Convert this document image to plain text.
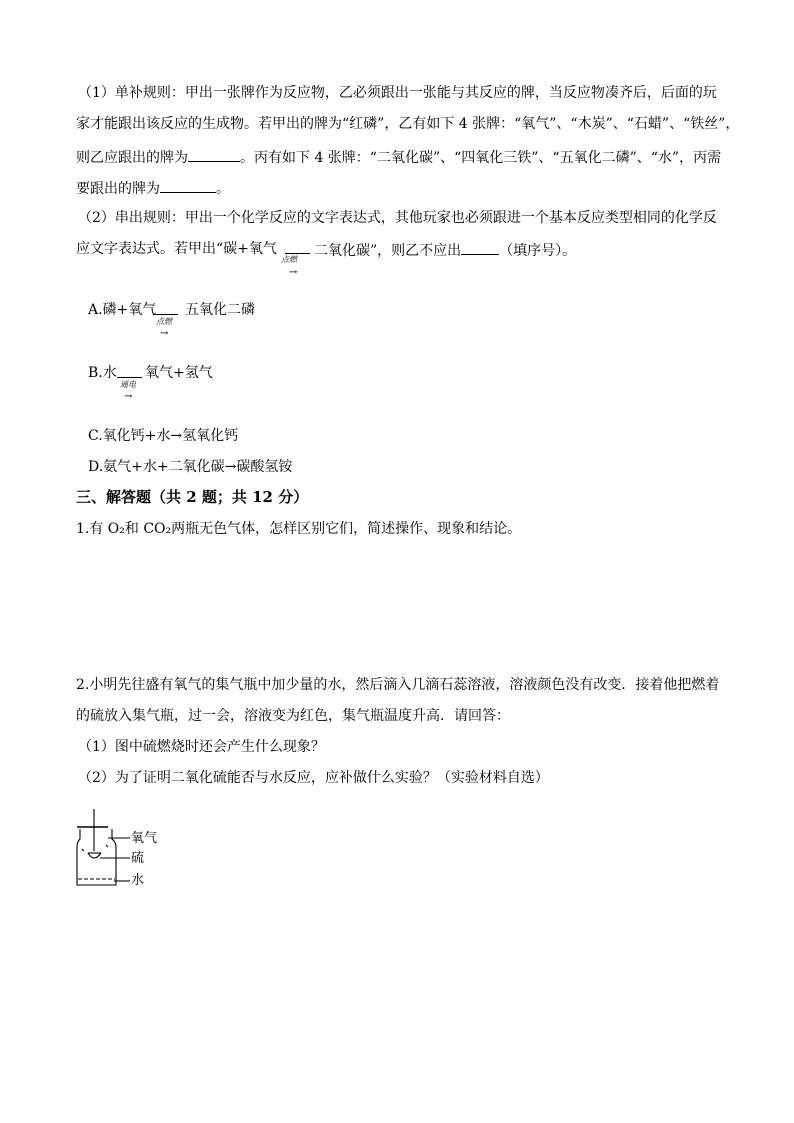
（1）单补规则：甲出一张牌作为反应物，乙必须跟出一张能与其反应的牌，当反应物凑齐后，后面的玩
家才能跟出该反应的生成物。若甲出的牌为“红磷”，乙有如下 4 张牌：“氧气”、“木炭”、“石蜡”、“铁丝”，
则乙应跟出的牌为	。丙有如下 4 张牌：“二氧化碳”、“四氧化三铁”、“五氧化二磷”、“水”，丙需
要跟出的牌为	。
（2）串出规则：甲出一个化学反应的文字表达式，其他玩家也必须跟进一个基本反应类型相同的化学反
应文字表达式。若甲出“碳+氧气
点燃
→
二氧化碳”，则乙不应出	（填序号）。
A.磷+氧气
点燃
→
五氧化二磷
B.水
通电
→
氧气+氢气
C.氧化钙+水→氢氧化钙
D.氨气+水+二氧化碳→碳酸氢铵
三、解答题（共 2 题；共 12 分）
1.有 O₂和 CO₂两瓶无色气体，怎样区别它们，简述操作、现象和结论。
2.小明先往盛有氧气的集气瓶中加少量的水，然后滴入几滴石蕊溶液，溶液颜色没有改变．接着他把燃着
的硫放入集气瓶，过一会，溶液变为红色，集气瓶温度升高．请回答：
（1）图中硫燃烧时还会产生什么现象？
（2）为了证明二氧化硫能否与水反应，应补做什么实验？（实验材料自选）
氧气
硫
水
